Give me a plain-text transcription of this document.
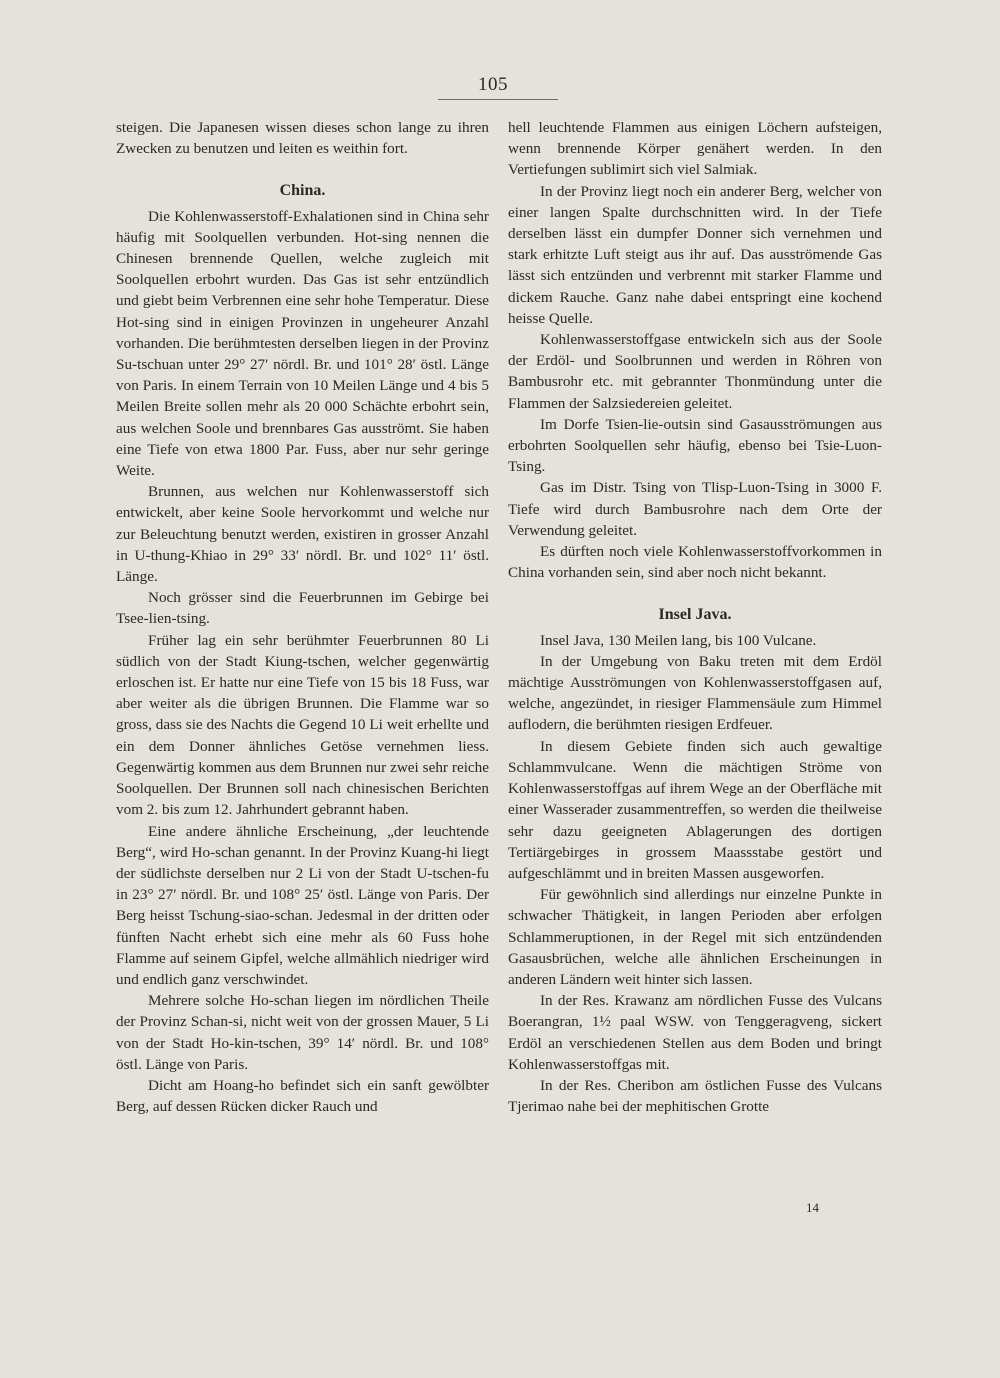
105

steigen. Die Japanesen wissen dieses schon lange zu ihren Zwecken zu benutzen und leiten es weithin fort.

China.

Die Kohlenwasserstoff-Exhalationen sind in China sehr häufig mit Soolquellen verbunden. Hot-sing nennen die Chinesen brennende Quellen, welche zugleich mit Soolquellen erbohrt wurden. Das Gas ist sehr entzündlich und giebt beim Verbrennen eine sehr hohe Temperatur. Diese Hot-sing sind in einigen Provinzen in ungeheurer Anzahl vorhanden. Die berühmtesten derselben liegen in der Provinz Su-tschuan unter 29° 27′ nördl. Br. und 101° 28′ östl. Länge von Paris. In einem Terrain von 10 Meilen Länge und 4 bis 5 Meilen Breite sollen mehr als 20 000 Schächte erbohrt sein, aus welchen Soole und brennbares Gas ausströmt. Sie haben eine Tiefe von etwa 1800 Par. Fuss, aber nur sehr geringe Weite.

Brunnen, aus welchen nur Kohlenwasserstoff sich entwickelt, aber keine Soole hervorkommt und welche nur zur Beleuchtung benutzt werden, existiren in grosser Anzahl in U-thung-Khiao in 29° 33′ nördl. Br. und 102° 11′ östl. Länge.

Noch grösser sind die Feuerbrunnen im Gebirge bei Tsee-lien-tsing.

Früher lag ein sehr berühmter Feuerbrunnen 80 Li südlich von der Stadt Kiung-tschen, welcher gegenwärtig erloschen ist. Er hatte nur eine Tiefe von 15 bis 18 Fuss, war aber weiter als die übrigen Brunnen. Die Flamme war so gross, dass sie des Nachts die Gegend 10 Li weit erhellte und ein dem Donner ähnliches Getöse vernehmen liess. Gegenwärtig kommen aus dem Brunnen nur zwei sehr reiche Soolquellen. Der Brunnen soll nach chinesischen Berichten vom 2. bis zum 12. Jahrhundert gebrannt haben.

Eine andere ähnliche Erscheinung, „der leuchtende Berg“, wird Ho-schan genannt. In der Provinz Kuang-hi liegt der südlichste derselben nur 2 Li von der Stadt U-tschen-fu in 23° 27′ nördl. Br. und 108° 25′ östl. Länge von Paris. Der Berg heisst Tschung-siao-schan. Jedesmal in der dritten oder fünften Nacht erhebt sich eine mehr als 60 Fuss hohe Flamme auf seinem Gipfel, welche allmählich niedriger wird und endlich ganz verschwindet.

Mehrere solche Ho-schan liegen im nördlichen Theile der Provinz Schan-si, nicht weit von der grossen Mauer, 5 Li von der Stadt Ho-kin-tschen, 39° 14′ nördl. Br. und 108° östl. Länge von Paris.

Dicht am Hoang-ho befindet sich ein sanft gewölbter Berg, auf dessen Rücken dicker Rauch und

hell leuchtende Flammen aus einigen Löchern aufsteigen, wenn brennende Körper genähert werden. In den Vertiefungen sublimirt sich viel Salmiak.

In der Provinz liegt noch ein anderer Berg, welcher von einer langen Spalte durchschnitten wird. In der Tiefe derselben lässt ein dumpfer Donner sich vernehmen und stark erhitzte Luft steigt aus ihr auf. Das ausströmende Gas lässt sich entzünden und verbrennt mit starker Flamme und dickem Rauche. Ganz nahe dabei entspringt eine kochend heisse Quelle.

Kohlenwasserstoffgase entwickeln sich aus der Soole der Erdöl- und Soolbrunnen und werden in Röhren von Bambusrohr etc. mit gebrannter Thonmündung unter die Flammen der Salzsiedereien geleitet.

Im Dorfe Tsien-lie-outsin sind Gasausströmungen aus erbohrten Soolquellen sehr häufig, ebenso bei Tsie-Luon-Tsing.

Gas im Distr. Tsing von Tlisp-Luon-Tsing in 3000 F. Tiefe wird durch Bambusrohre nach dem Orte der Verwendung geleitet.

Es dürften noch viele Kohlenwasserstoffvorkommen in China vorhanden sein, sind aber noch nicht bekannt.

Insel Java.

Insel Java, 130 Meilen lang, bis 100 Vulcane.

In der Umgebung von Baku treten mit dem Erdöl mächtige Ausströmungen von Kohlenwasserstoffgasen auf, welche, angezündet, in riesiger Flammensäule zum Himmel auflodern, die berühmten riesigen Erdfeuer.

In diesem Gebiete finden sich auch gewaltige Schlammvulcane. Wenn die mächtigen Ströme von Kohlenwasserstoffgas auf ihrem Wege an der Oberfläche mit einer Wasserader zusammentreffen, so werden die theilweise sehr dazu geeigneten Ablagerungen des dortigen Tertiärgebirges in grossem Maassstabe gestört und aufgeschlämmt und in breiten Massen ausgeworfen.

Für gewöhnlich sind allerdings nur einzelne Punkte in schwacher Thätigkeit, in langen Perioden aber erfolgen Schlammeruptionen, in der Regel mit sich entzündenden Gasausbrüchen, welche alle ähnlichen Erscheinungen in anderen Ländern weit hinter sich lassen.

In der Res. Krawanz am nördlichen Fusse des Vulcans Boerangran, 1½ paal WSW. von Tenggeragveng, sickert Erdöl an verschiedenen Stellen aus dem Boden und bringt Kohlenwasserstoffgas mit.

In der Res. Cheribon am östlichen Fusse des Vulcans Tjerimao nahe bei der mephitischen Grotte

14
